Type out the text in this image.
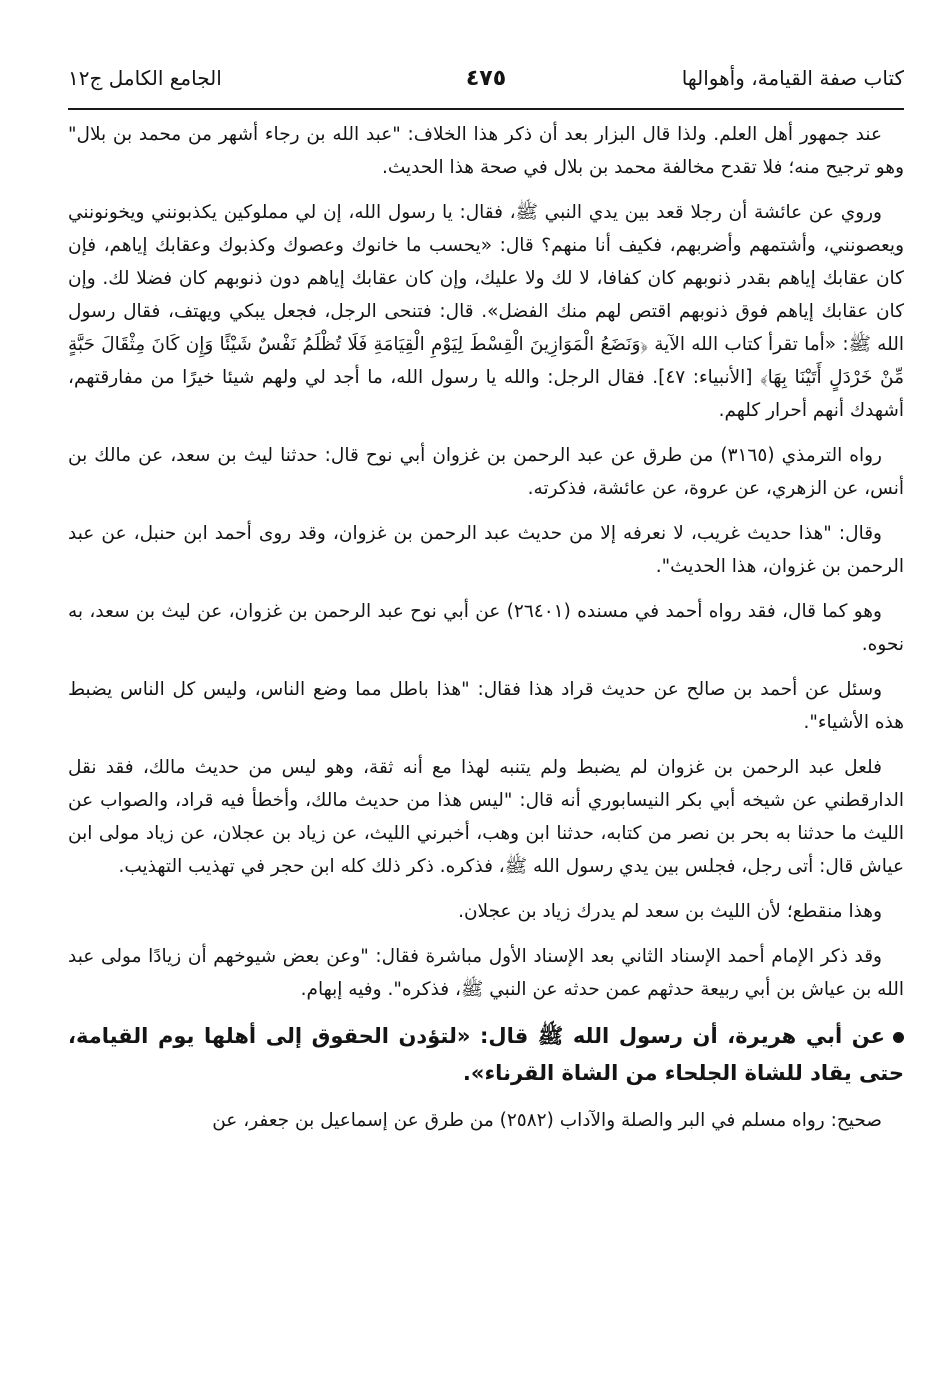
كتاب صفة القيامة، وأهوالها
٤٧٥
الجامع الكامل ج١٢

عند جمهور أهل العلم. ولذا قال البزار بعد أن ذكر هذا الخلاف: "عبد الله بن رجاء أشهر من محمد بن بلال" وهو ترجيح منه؛ فلا تقدح مخالفة محمد بن بلال في صحة هذا الحديث.

وروي عن عائشة أن رجلا قعد بين يدي النبي ﷺ، فقال: يا رسول الله، إن لي مملوكين يكذبونني ويخونونني ويعصونني، وأشتمهم وأضربهم، فكيف أنا منهم؟ قال: «يحسب ما خانوك وعصوك وكذبوك وعقابك إياهم، فإن كان عقابك إياهم بقدر ذنوبهم كان كفافا، لا لك ولا عليك، وإن كان عقابك إياهم دون ذنوبهم كان فضلا لك. وإن كان عقابك إياهم فوق ذنوبهم اقتص لهم منك الفضل». قال: فتنحى الرجل، فجعل يبكي ويهتف، فقال رسول الله ﷺ: «أما تقرأ كتاب الله الآية ﴿وَنَضَعُ الْمَوَازِينَ الْقِسْطَ لِيَوْمِ الْقِيَامَةِ فَلَا تُظْلَمُ نَفْسٌ شَيْئًا وَإِن كَانَ مِثْقَالَ حَبَّةٍ مِّنْ خَرْدَلٍ أَتَيْنَا بِهَا﴾ [الأنبياء: ٤٧]. فقال الرجل: والله يا رسول الله، ما أجد لي ولهم شيئا خيرًا من مفارقتهم، أشهدك أنهم أحرار كلهم.

رواه الترمذي (٣١٦٥) من طرق عن عبد الرحمن بن غزوان أبي نوح قال: حدثنا ليث بن سعد، عن مالك بن أنس، عن الزهري، عن عروة، عن عائشة، فذكرته.

وقال: "هذا حديث غريب، لا نعرفه إلا من حديث عبد الرحمن بن غزوان، وقد روى أحمد ابن حنبل، عن عبد الرحمن بن غزوان، هذا الحديث".

وهو كما قال، فقد رواه أحمد في مسنده (٢٦٤٠١) عن أبي نوح عبد الرحمن بن غزوان، عن ليث بن سعد، به نحوه.

وسئل عن أحمد بن صالح عن حديث قراد هذا فقال: "هذا باطل مما وضع الناس، وليس كل الناس يضبط هذه الأشياء".

فلعل عبد الرحمن بن غزوان لم يضبط ولم يتنبه لهذا مع أنه ثقة، وهو ليس من حديث مالك، فقد نقل الدارقطني عن شيخه أبي بكر النيسابوري أنه قال: "ليس هذا من حديث مالك، وأخطأ فيه قراد، والصواب عن الليث ما حدثنا به بحر بن نصر من كتابه، حدثنا ابن وهب، أخبرني الليث، عن زياد بن عجلان، عن زياد مولى ابن عياش قال: أتى رجل، فجلس بين يدي رسول الله ﷺ، فذكره. ذكر ذلك كله ابن حجر في تهذيب التهذيب.

وهذا منقطع؛ لأن الليث بن سعد لم يدرك زياد بن عجلان.

وقد ذكر الإمام أحمد الإسناد الثاني بعد الإسناد الأول مباشرة فقال: "وعن بعض شيوخهم أن زيادًا مولى عبد الله بن عياش بن أبي ربيعة حدثهم عمن حدثه عن النبي ﷺ، فذكره". وفيه إبهام.

عن أبي هريرة، أن رسول الله ﷺ قال: «لتؤدن الحقوق إلى أهلها يوم القيامة، حتى يقاد للشاة الجلحاء من الشاة القرناء».

صحيح: رواه مسلم في البر والصلة والآداب (٢٥٨٢) من طرق عن إسماعيل بن جعفر، عن
